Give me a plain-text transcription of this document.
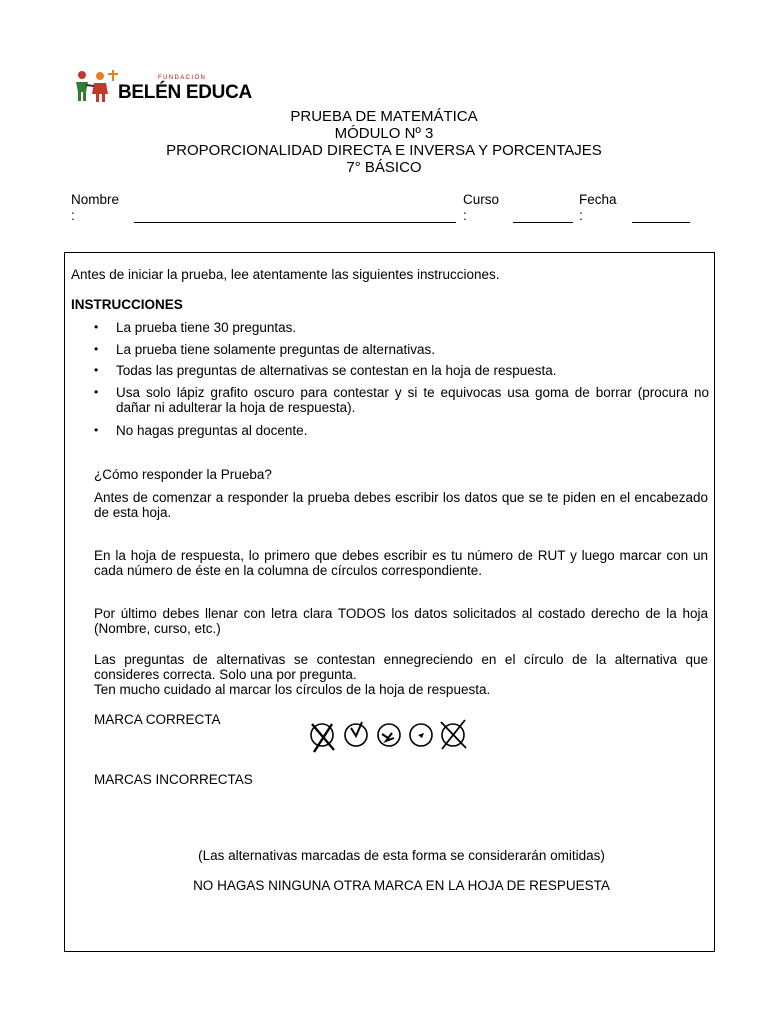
FUNDACIÓN
BELÉN EDUCA
PRUEBA DE MATEMÁTICA
MÓDULO Nº 3
PROPORCIONALIDAD DIRECTA E INVERSA Y PORCENTAJES
7° BÁSICO
Nombre
:
Curso
:
Fecha
:
Antes de iniciar la prueba, lee atentamente las siguientes instrucciones.
INSTRUCCIONES
• La prueba tiene 30 preguntas.
• La prueba tiene solamente preguntas de alternativas.
• Todas las preguntas de alternativas se contestan en la hoja de respuesta.
• Usa solo lápiz grafito oscuro para contestar y si te equivocas usa goma de borrar (procura no dañar ni adulterar la hoja de respuesta).
• No hagas preguntas al docente.
¿Cómo responder la Prueba?
Antes de comenzar a responder la prueba debes escribir los datos que se te piden en el encabezado de esta hoja.
En la hoja de respuesta, lo primero que debes escribir es tu número de RUT y luego marcar con un cada número de éste en la columna de círculos correspondiente.
Por último debes llenar con letra clara TODOS los datos solicitados al costado derecho de la hoja (Nombre, curso, etc.)
Las preguntas de alternativas se contestan ennegreciendo en el círculo de la alternativa que consideres correcta. Solo una por pregunta.
Ten mucho cuidado al marcar los círculos de la hoja de respuesta.
MARCA CORRECTA
MARCAS INCORRECTAS
(Las alternativas marcadas de esta forma se considerarán omitidas)
NO HAGAS NINGUNA OTRA MARCA EN LA HOJA DE RESPUESTA
